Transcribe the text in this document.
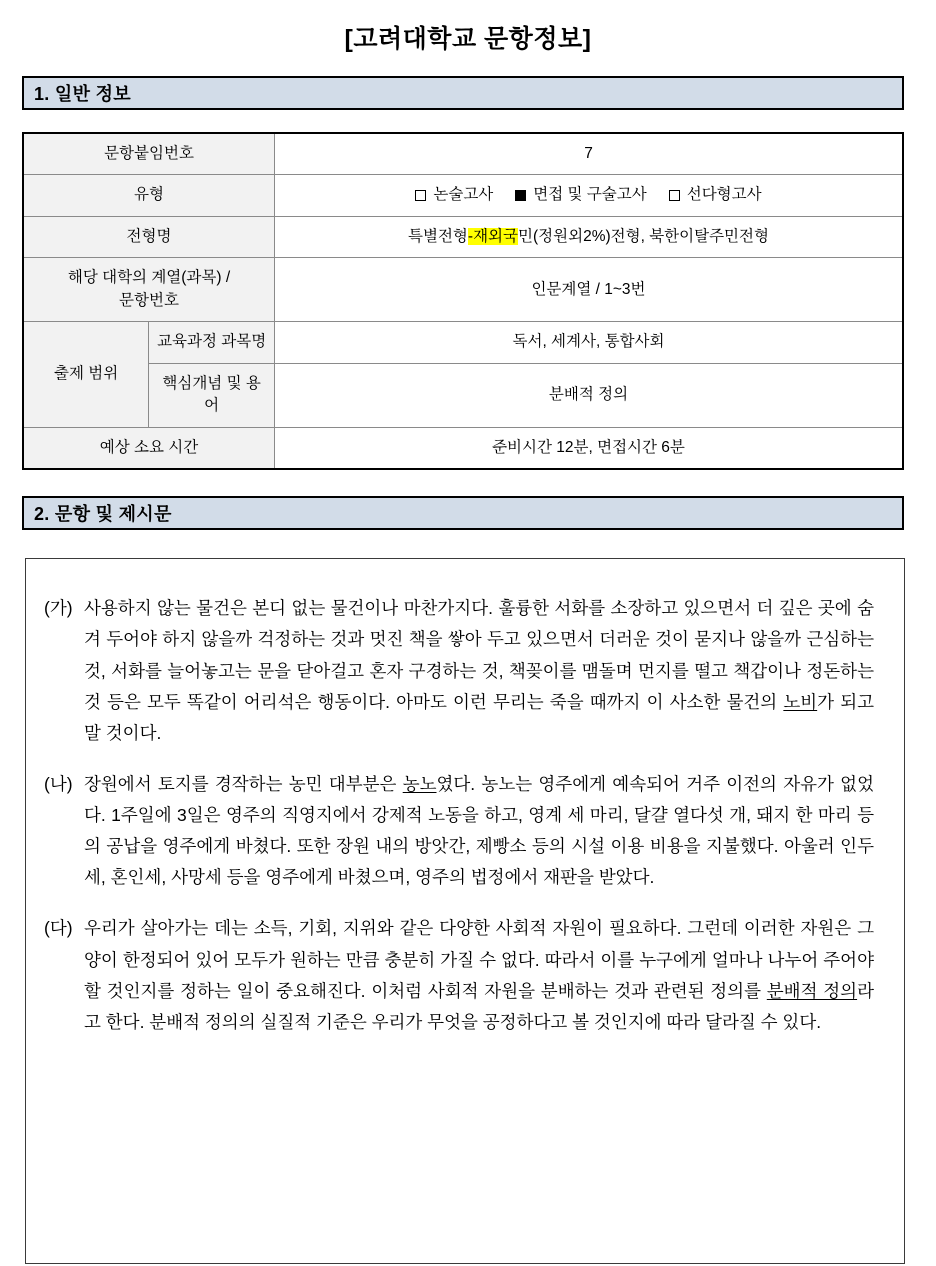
[고려대학교 문항정보]
1. 일반 정보
문항붙임번호		7
유형		논술고사 면접 및 구술고사 선다형고사

전형명		특별전형-재외국민(정원외2%)전형, 북한이탈주민전형

해당 대학의 계열(과목) /
문항번호		인문계열 / 1~3번
출제 범위	교육과정 과목명	독서, 세계사, 통합사회
	핵심개념 및 용어	분배적 정의
예상 소요 시간		준비시간 12분, 면접시간 6분
2. 문항 및 제시문
(가) 사용하지 않는 물건은 본디 없는 물건이나 마찬가지다. 훌륭한 서화를 소장하고 있으면서 더 깊은 곳에 숨겨 두어야 하지 않을까 걱정하는 것과 멋진 책을 쌓아 두고 있으면서 더러운 것이 묻지나 않을까 근심하는 것, 서화를 늘어놓고는 문을 닫아걸고 혼자 구경하는 것, 책꽂이를 맴돌며 먼지를 떨고 책갑이나 정돈하는 것 등은 모두 똑같이 어리석은 행동이다. 아마도 이런 무리는 죽을 때까지 이 사소한 물건의 노비가 되고 말 것이다.
(나) 장원에서 토지를 경작하는 농민 대부분은 농노였다. 농노는 영주에게 예속되어 거주 이전의 자유가 없었다. 1주일에 3일은 영주의 직영지에서 강제적 노동을 하고, 영계 세 마리, 달걀 열다섯 개, 돼지 한 마리 등의 공납을 영주에게 바쳤다. 또한 장원 내의 방앗간, 제빵소 등의 시설 이용 비용을 지불했다. 아울러 인두세, 혼인세, 사망세 등을 영주에게 바쳤으며, 영주의 법정에서 재판을 받았다.
(다) 우리가 살아가는 데는 소득, 기회, 지위와 같은 다양한 사회적 자원이 필요하다. 그런데 이러한 자원은 그 양이 한정되어 있어 모두가 원하는 만큼 충분히 가질 수 없다. 따라서 이를 누구에게 얼마나 나누어 주어야 할 것인지를 정하는 일이 중요해진다. 이처럼 사회적 자원을 분배하는 것과 관련된 정의를 분배적 정의라고 한다. 분배적 정의의 실질적 기준은 우리가 무엇을 공정하다고 볼 것인지에 따라 달라질 수 있다.
